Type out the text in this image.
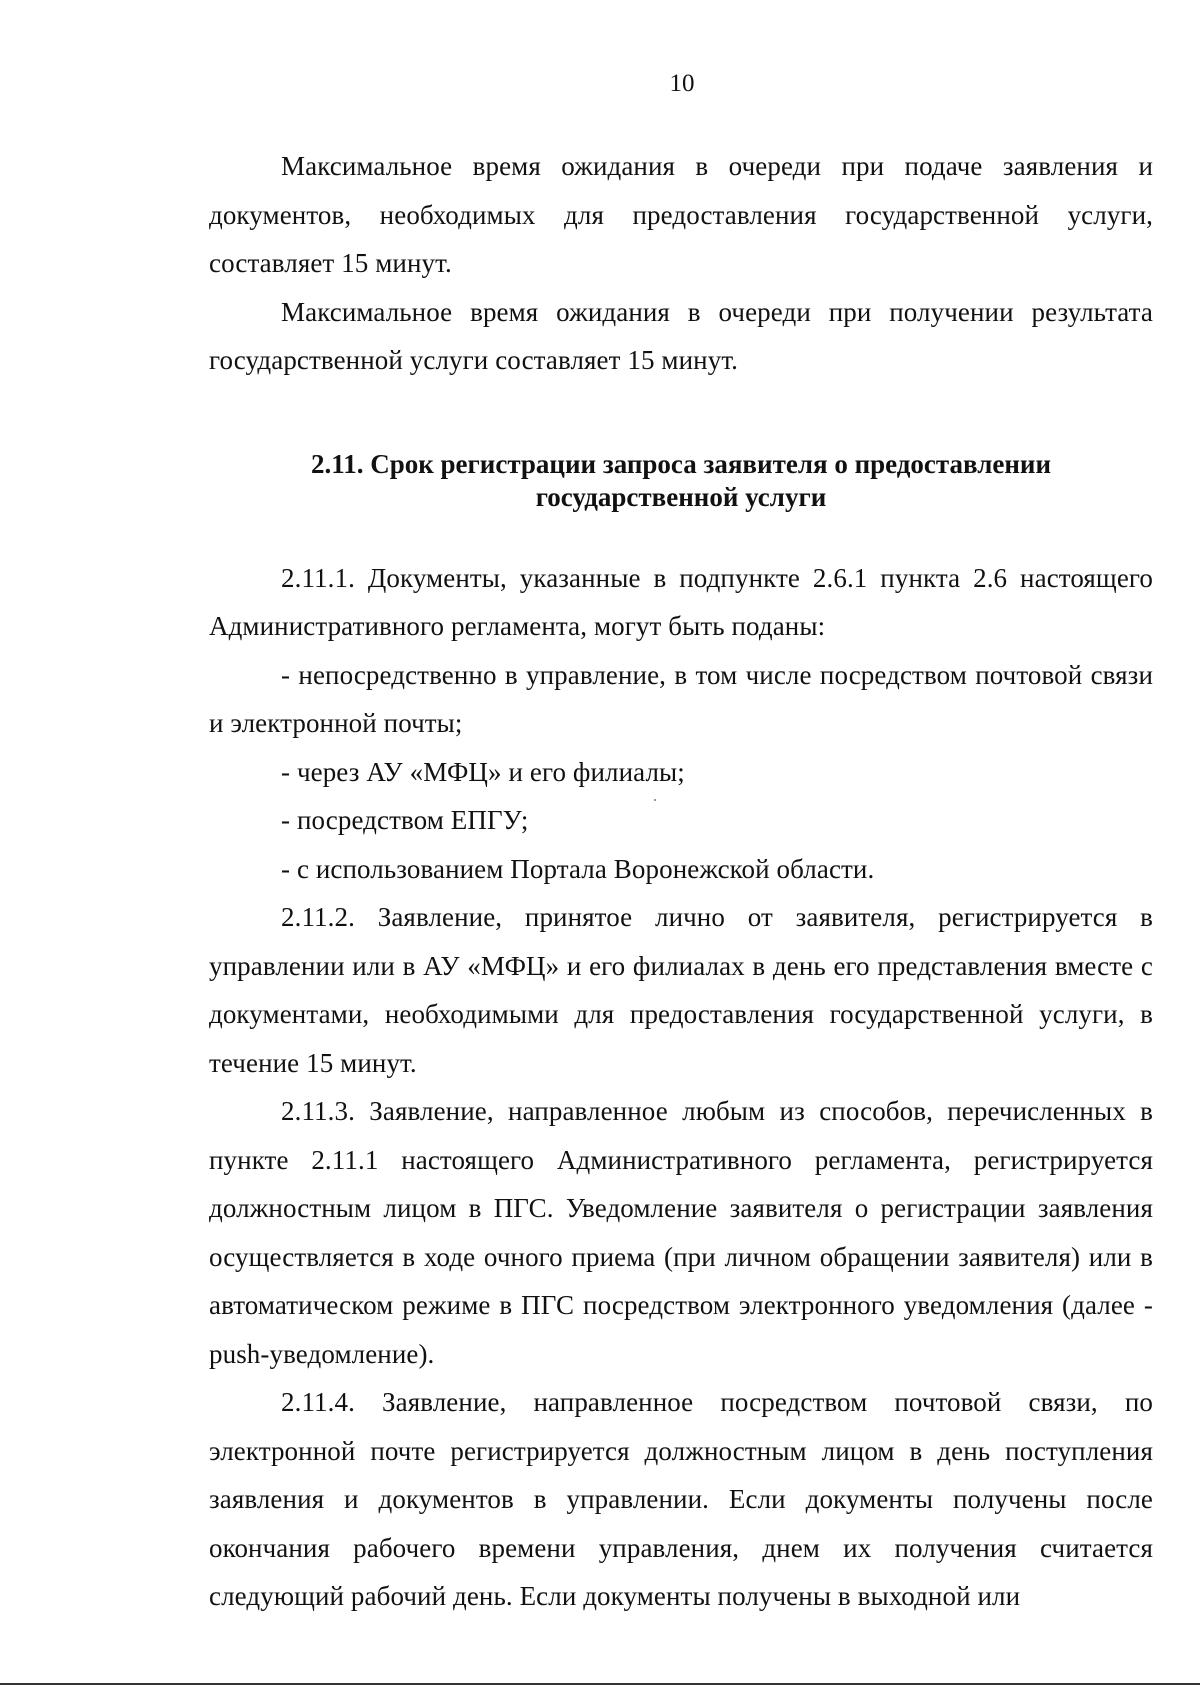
10

Максимальное время ожидания в очереди при подаче заявления и документов, необходимых для предоставления государственной услуги, составляет 15 минут.

Максимальное время ожидания в очереди при получении результата государственной услуги составляет 15 минут.

2.11. Срок регистрации запроса заявителя о предоставлении
государственной услуги

2.11.1. Документы, указанные в подпункте 2.6.1 пункта 2.6 настоящего Административного регламента, могут быть поданы:

- непосредственно в управление, в том числе посредством почтовой связи и электронной почты;

- через АУ «МФЦ» и его филиалы;

- посредством ЕПГУ;

- с использованием Портала Воронежской области.

2.11.2. Заявление, принятое лично от заявителя, регистрируется в управлении или в АУ «МФЦ» и его филиалах в день его представления вместе с документами, необходимыми для предоставления государственной услуги, в течение 15 минут.

2.11.3. Заявление, направленное любым из способов, перечисленных в пункте 2.11.1 настоящего Административного регламента, регистрируется должностным лицом в ПГС. Уведомление заявителя о регистрации заявления осуществляется в ходе очного приема (при личном обращении заявителя) или в автоматическом режиме в ПГС посредством электронного уведомления (далее - push-уведомление).

2.11.4. Заявление, направленное посредством почтовой связи, по электронной почте регистрируется должностным лицом в день поступления заявления и документов в управлении. Если документы получены после окончания рабочего времени управления, днем их получения считается следующий рабочий день. Если документы получены в выходной или
